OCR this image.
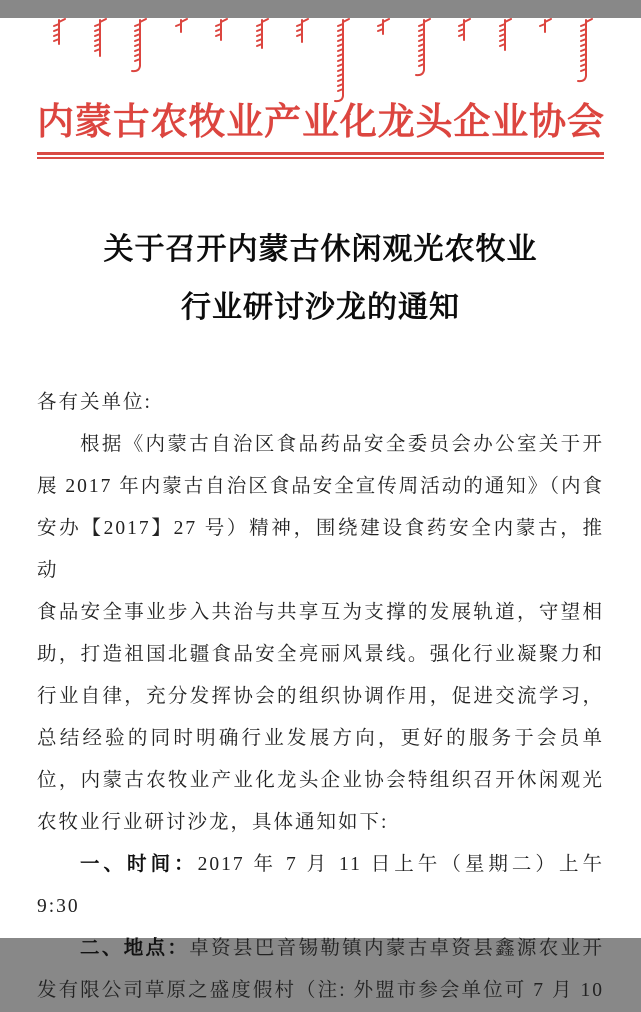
内蒙古农牧业产业化龙头企业协会
关于召开内蒙古休闲观光农牧业
行业研讨沙龙的通知
各有关单位:
根据《内蒙古自治区食品药品安全委员会办公室关于开
展 2017 年内蒙古自治区食品安全宣传周活动的通知》（内食
安办【2017】27 号）精神，围绕建设食药安全内蒙古，推动
食品安全事业步入共治与共享互为支撑的发展轨道，守望相
助，打造祖国北疆食品安全亮丽风景线。强化行业凝聚力和
行业自律，充分发挥协会的组织协调作用，促进交流学习，
总结经验的同时明确行业发展方向，更好的服务于会员单
位，内蒙古农牧业产业化龙头企业协会特组织召开休闲观光
农牧业行业研讨沙龙，具体通知如下:
一、时间：2017 年 7 月 11 日上午（星期二）上午 9:30
二、地点：卓资县巴音锡勒镇内蒙古卓资县鑫源农业开
发有限公司草原之盛度假村（注: 外盟市参会单位可 7 月 10
